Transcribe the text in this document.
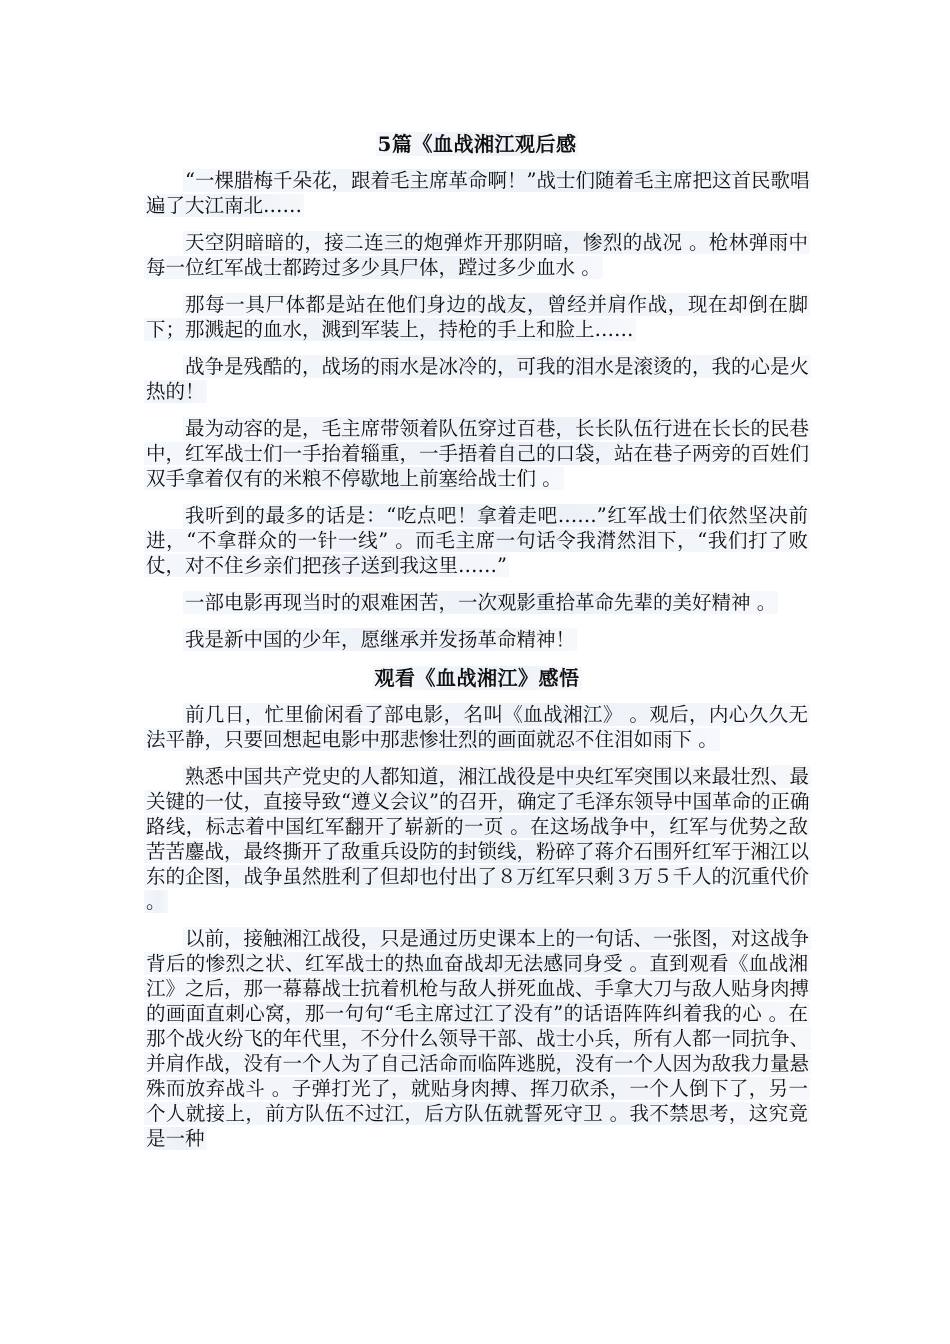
5篇《血战湘江观后感

“一棵腊梅千朵花，跟着毛主席革命啊！”战士们随着毛主席把这首民歌唱遍了大江南北……

天空阴暗暗的，接二连三的炮弹炸开那阴暗，惨烈的战况 。枪林弹雨中每一位红军战士都跨过多少具尸体，蹚过多少血水 。

那每一具尸体都是站在他们身边的战友，曾经并肩作战，现在却倒在脚下；那溅起的血水，溅到军装上，持枪的手上和脸上……

战争是残酷的，战场的雨水是冰冷的，可我的泪水是滚烫的，我的心是火热的！

最为动容的是，毛主席带领着队伍穿过百巷，长长队伍行进在长长的民巷中，红军战士们一手抬着辎重，一手捂着自己的口袋，站在巷子两旁的百姓们双手拿着仅有的米粮不停歇地上前塞给战士们 。

我听到的最多的话是：“吃点吧！拿着走吧……”红军战士们依然坚决前进，“不拿群众的一针一线” 。而毛主席一句话令我潸然泪下，“我们打了败仗，对不住乡亲们把孩子送到我这里……”

一部电影再现当时的艰难困苦，一次观影重拾革命先辈的美好精神 。

我是新中国的少年，愿继承并发扬革命精神！

观看《血战湘江》感悟

前几日，忙里偷闲看了部电影，名叫《血战湘江》 。观后，内心久久无法平静，只要回想起电影中那悲惨壮烈的画面就忍不住泪如雨下 。

熟悉中国共产党史的人都知道，湘江战役是中央红军突围以来最壮烈、最关键的一仗，直接导致“遵义会议”的召开，确定了毛泽东领导中国革命的正确路线，标志着中国红军翻开了崭新的一页 。在这场战争中，红军与优势之敌苦苦鏖战，最终撕开了敌重兵设防的封锁线，粉碎了蒋介石围歼红军于湘江以东的企图，战争虽然胜利了但却也付出了８万红军只剩３万５千人的沉重代价 。

以前，接触湘江战役，只是通过历史课本上的一句话、一张图，对这战争背后的惨烈之状、红军战士的热血奋战却无法感同身受 。直到观看《血战湘江》之后，那一幕幕战士抗着机枪与敌人拼死血战、手拿大刀与敌人贴身肉搏的画面直刺心窝，那一句句“毛主席过江了没有”的话语阵阵纠着我的心 。在那个战火纷飞的年代里，不分什么领导干部、战士小兵，所有人都一同抗争、并肩作战，没有一个人为了自己活命而临阵逃脱，没有一个人因为敌我力量悬殊而放弃战斗 。子弹打光了，就贴身肉搏、挥刀砍杀，一个人倒下了，另一个人就接上，前方队伍不过江，后方队伍就誓死守卫 。我不禁思考，这究竟是一种
